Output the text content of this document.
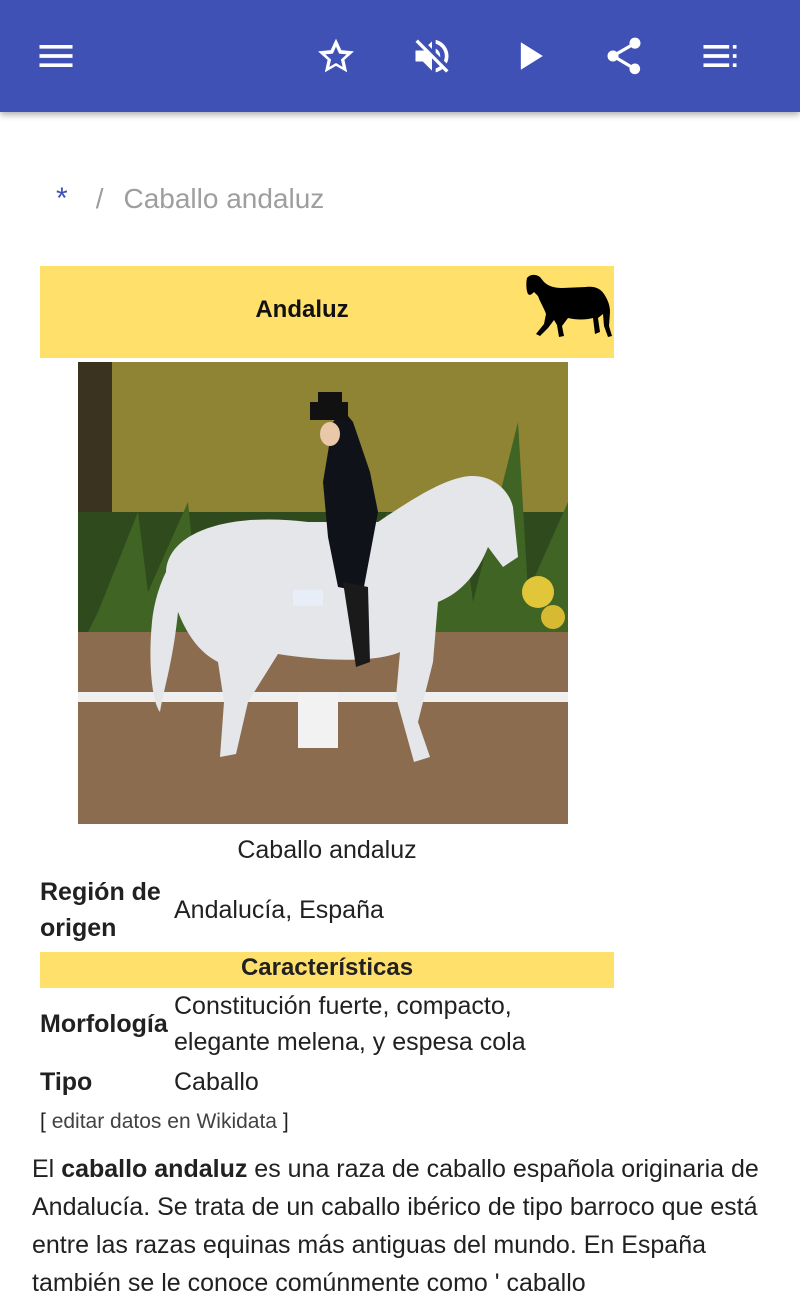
* / Caballo andaluz
Andaluz
Caballo andaluz
Región de
origen
Andalucía, España
Características
Morfología
Constitución fuerte, compacto,
elegante melena, y espesa cola
Tipo	Caballo
[ editar datos en Wikidata ]
El caballo andaluz es una raza de caballo española originaria de Andalucía. Se trata de un caballo ibérico de tipo barroco que está entre las razas equinas más antiguas del mundo. En España también se le conoce comúnmente como ' caballo
